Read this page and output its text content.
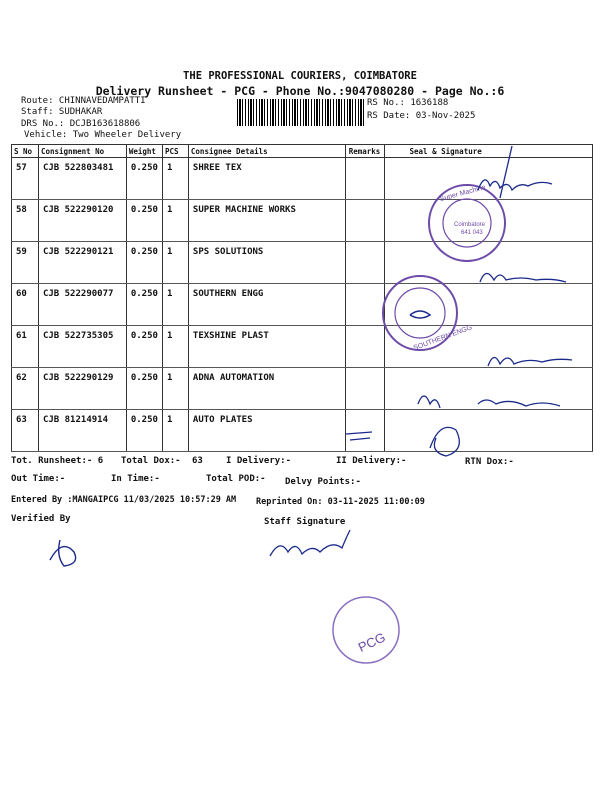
THE PROFESSIONAL COURIERS, COIMBATORE
Delivery Runsheet - PCG - Phone No.:9047080280 - Page No.:6
Route: CHINNAVEDAMPATTI
Staff: SUDHAKAR
DRS No.: DCJB163618806
Vehicle: Two Wheeler Delivery
RS No.: 1636188
RS Date: 03-Nov-2025
S No	Consignment No	Weight	PCS	Consignee Details	Remarks	Seal & Signature
57	CJB 522803481	0.250	1	SHREE TEX		
58	CJB 522290120	0.250	1	SUPER MACHINE WORKS		
59	CJB 522290121	0.250	1	SPS SOLUTIONS		
60	CJB 522290077	0.250	1	SOUTHERN ENGG		
61	CJB 522735305	0.250	1	TEXSHINE PLAST		
62	CJB 522290129	0.250	1	ADNA AUTOMATION		
63	CJB 81214914	0.250	1	AUTO PLATES		
Super Machine
Coimbatore
641 043
SOUTHERN ENGG
PCG
Tot. Runsheet:- 6 Total Dox:- 63	I Delivery:-	II Delivery:-	RTN Dox:-
Out Time:-	In Time:-	Total POD:- Delvy Points:-
Entered By :MANGAIPCG 11/03/2025 10:57:29 AM Reprinted On: 03-11-2025 11:00:09
Verified By	Staff Signature
